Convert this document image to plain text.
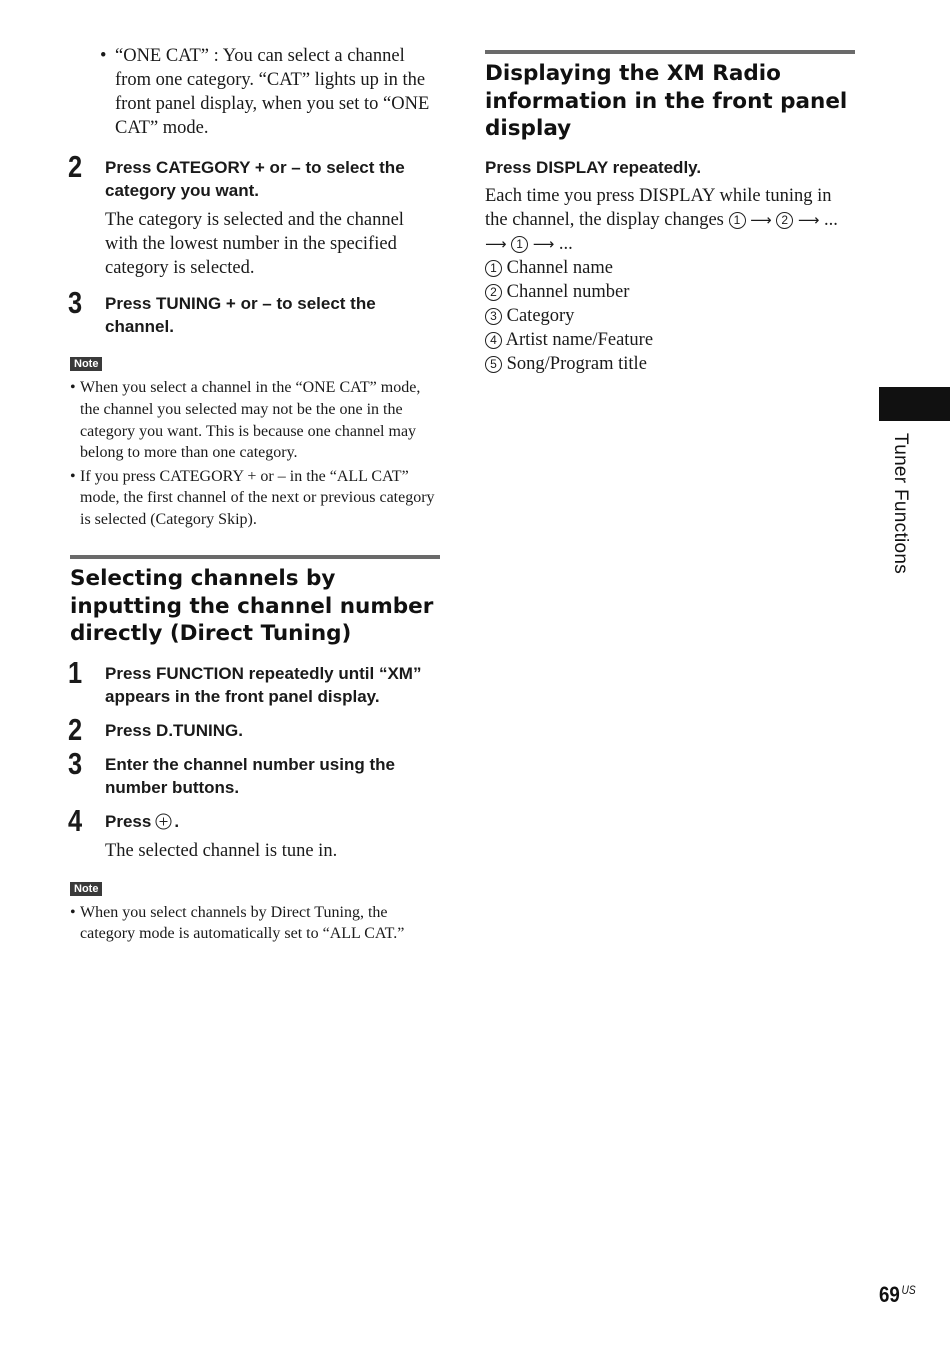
• “ONE CAT” : You can select a channel from one category. “CAT” lights up in the front panel display, when you set to “ONE CAT” mode.
2 Press CATEGORY + or – to select the category you want.
The category is selected and the channel with the lowest number in the specified category is selected.
3 Press TUNING + or – to select the channel.
Note
• When you select a channel in the “ONE CAT” mode, the channel you selected may not be the one in the category you want. This is because one channel may belong to more than one category.
• If you press CATEGORY + or – in the “ALL CAT” mode, the first channel of the next or previous category is selected (Category Skip).
Selecting channels by inputting the channel number directly (Direct Tuning)
1 Press FUNCTION repeatedly until “XM” appears in the front panel display.
2 Press D.TUNING.
3 Enter the channel number using the number buttons.
4 Press .
The selected channel is tune in.
Note
• When you select channels by Direct Tuning, the category mode is automatically set to “ALL CAT.”
Displaying the XM Radio information in the front panel display
Press DISPLAY repeatedly.
Each time you press DISPLAY while tuning in the channel, the display changes 1 ⟶ 2 ⟶ ...
⟶ 1 ⟶ ...
1 Channel name
2 Channel number
3 Category
4 Artist name/Feature
5 Song/Program title
Tuner Functions
69 $^{US}$
